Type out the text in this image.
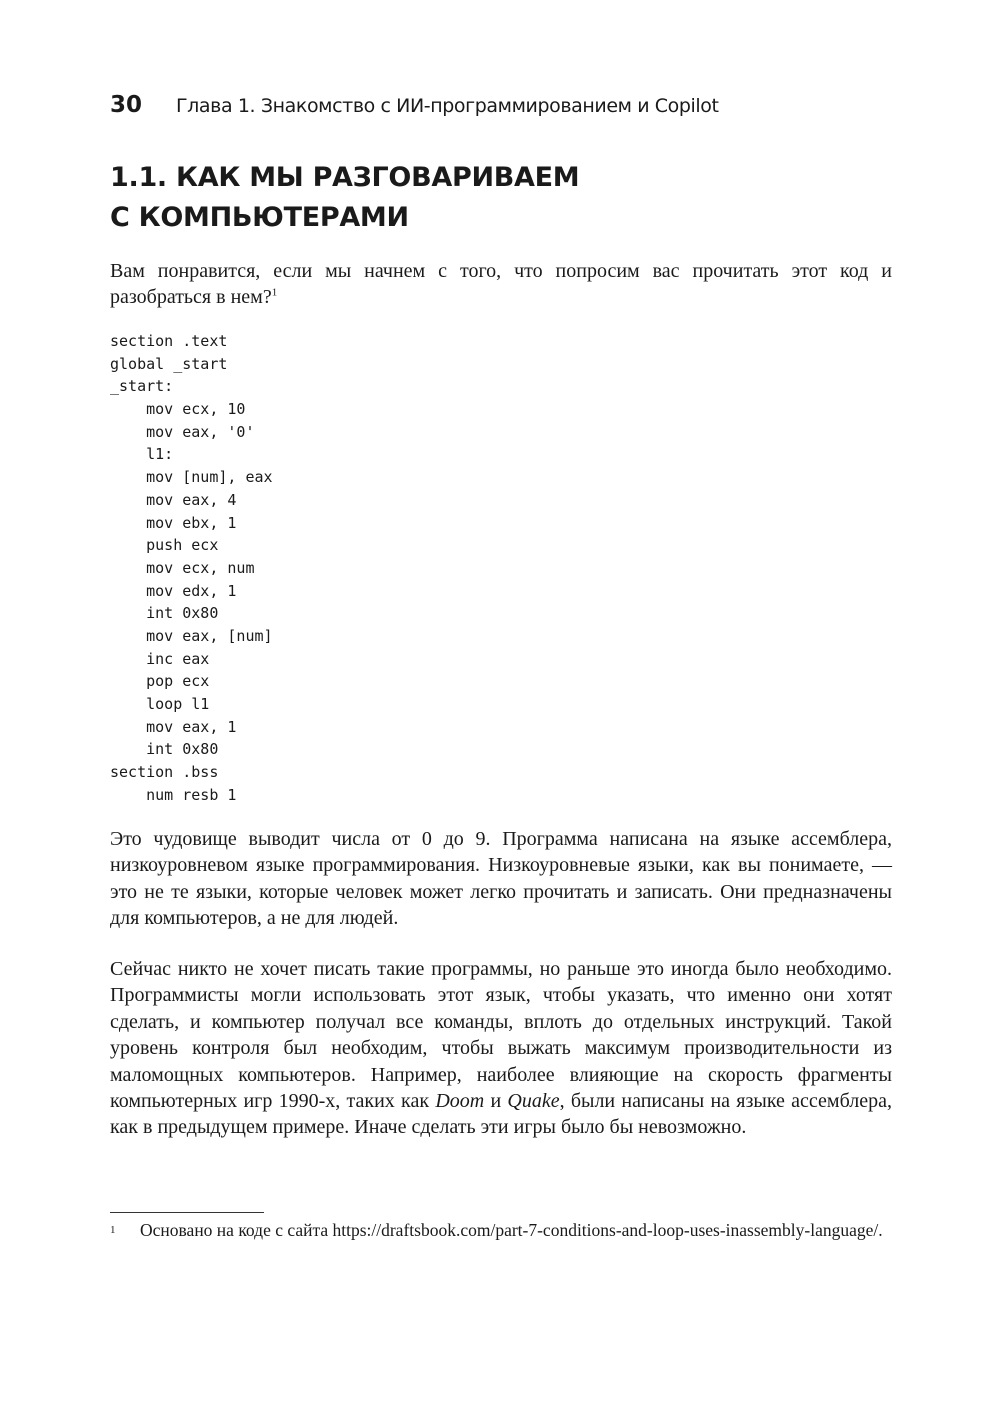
30 Глава 1. Знакомство с ИИ-программированием и Copilot
1.1. КАК МЫ РАЗГОВАРИВАЕМ
С КОМПЬЮТЕРАМИ

Вам понравится, если мы начнем с того, что попросим вас прочитать этот код и разобраться в нем?$^1$

section .text
global _start
_start:
mov ecx, 10
mov eax, '0'
l1:
mov [num], eax
mov eax, 4
mov ebx, 1
push ecx
mov ecx, num
mov edx, 1
int 0x80
mov eax, [num]
inc eax
pop ecx
loop l1
mov eax, 1
int 0x80
section .bss
num resb 1

Это чудовище выводит числа от 0 до 9. Программа написана на языке ассемблера, низкоуровневом языке программирования. Низкоуровневые языки, как вы понимаете, — это не те языки, которые человек может легко прочитать и записать. Они предназначены для компьютеров, а не для людей.

Сейчас никто не хочет писать такие программы, но раньше это иногда было необходимо. Программисты могли использовать этот язык, чтобы указать, что именно они хотят сделать, и компьютер получал все команды, вплоть до отдельных инструкций. Такой уровень контроля был необходим, чтобы выжать максимум производительности из маломощных компьютеров. Например, наиболее влияющие на скорость фрагменты компьютерных игр 1990-х, таких как Doom и Quake, были написаны на языке ассемблера, как в предыдущем примере. Иначе сделать эти игры было бы невозможно.

1 Основано на коде с сайта https://draftsbook.com/part-7-conditions-and-loop-uses-inassembly-language/.
